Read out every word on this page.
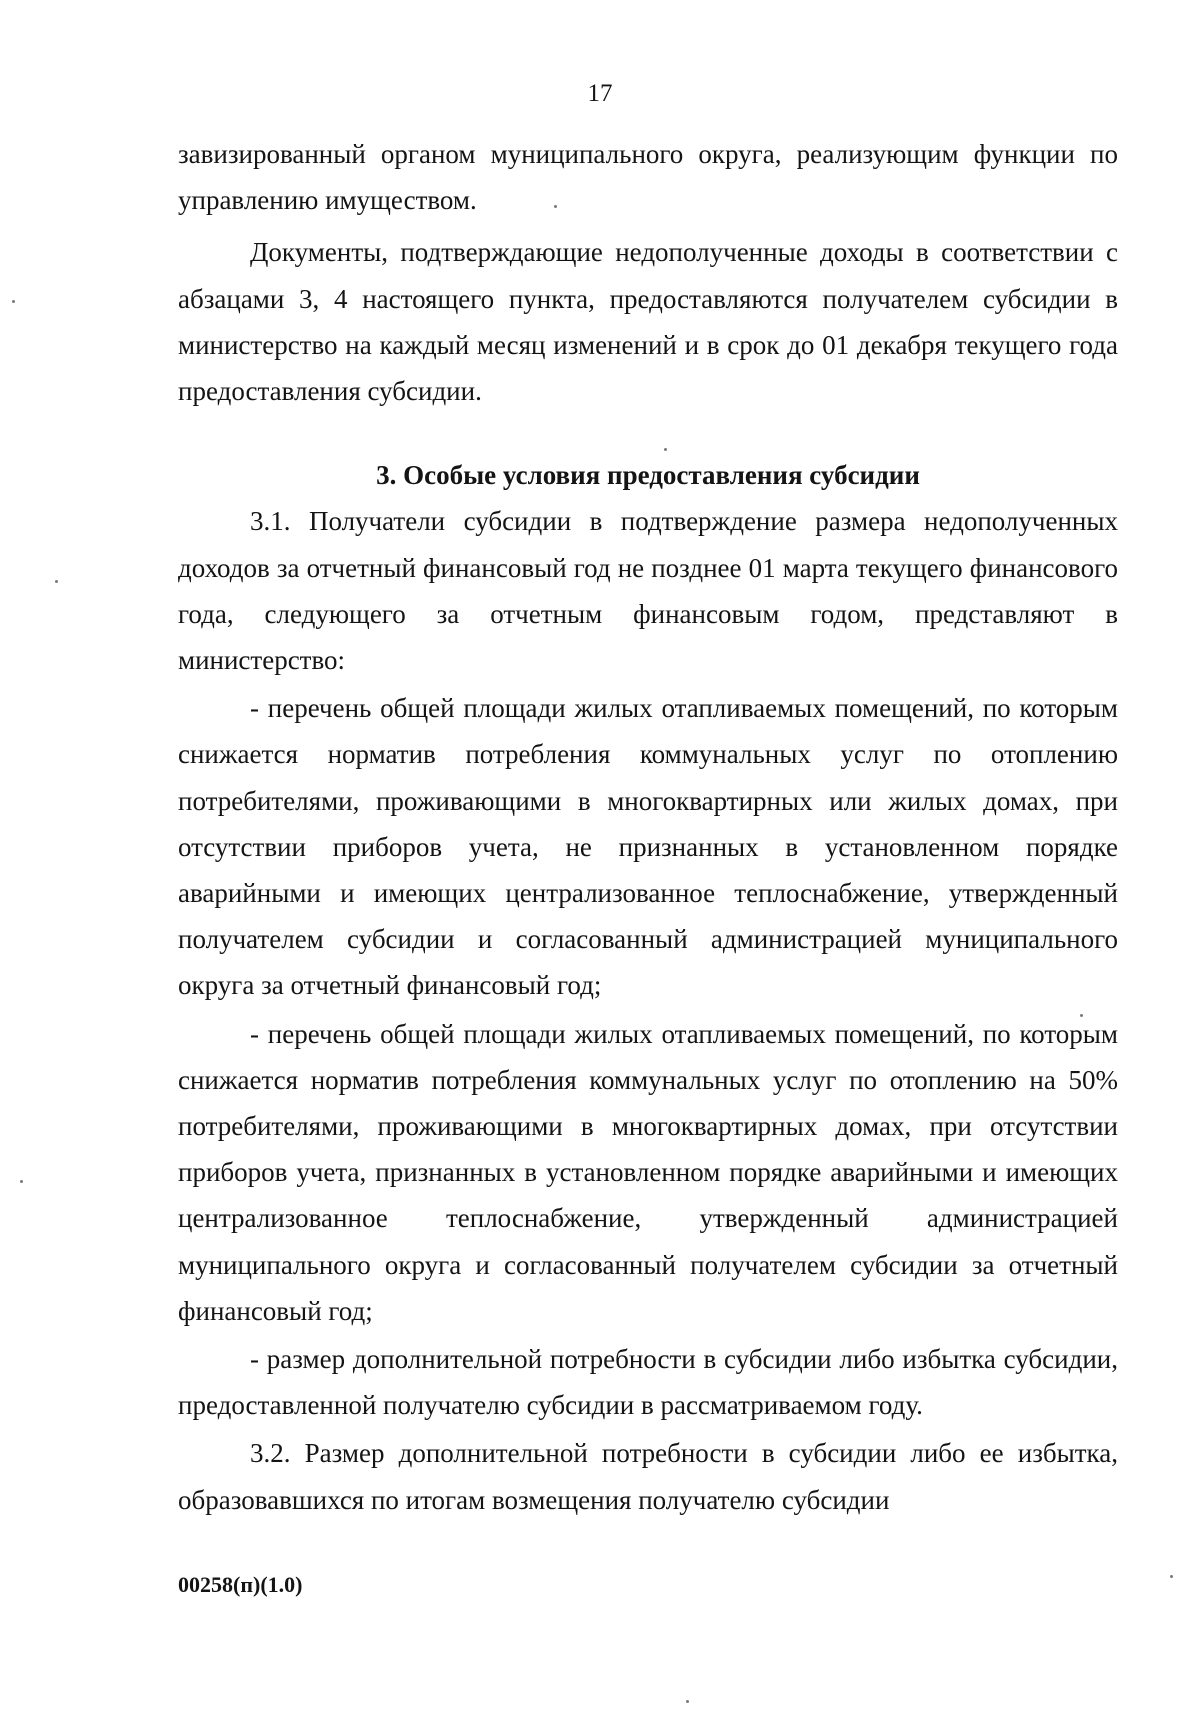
17

завизированный органом муниципального округа, реализующим функции по управлению имуществом.

Документы, подтверждающие недополученные доходы в соответствии с абзацами 3, 4 настоящего пункта, предоставляются получателем субсидии в министерство на каждый месяц изменений и в срок до 01 декабря текущего года предоставления субсидии.

3. Особые условия предоставления субсидии

3.1. Получатели субсидии в подтверждение размера недополученных доходов за отчетный финансовый год не позднее 01 марта текущего финансового года, следующего за отчетным финансовым годом, представляют в министерство:

- перечень общей площади жилых отапливаемых помещений, по которым снижается норматив потребления коммунальных услуг по отоплению потребителями, проживающими в многоквартирных или жилых домах, при отсутствии приборов учета, не признанных в установленном порядке аварийными и имеющих централизованное теплоснабжение, утвержденный получателем субсидии и согласованный администрацией муниципального округа за отчетный финансовый год;

- перечень общей площади жилых отапливаемых помещений, по которым снижается норматив потребления коммунальных услуг по отоплению на 50% потребителями, проживающими в многоквартирных домах, при отсутствии приборов учета, признанных в установленном порядке аварийными и имеющих централизованное теплоснабжение, утвержденный администрацией муниципального округа и согласованный получателем субсидии за отчетный финансовый год;

- размер дополнительной потребности в субсидии либо избытка субсидии, предоставленной получателю субсидии в рассматриваемом году.

3.2. Размер дополнительной потребности в субсидии либо ее избытка, образовавшихся по итогам возмещения получателю субсидии

00258(п)(1.0)
